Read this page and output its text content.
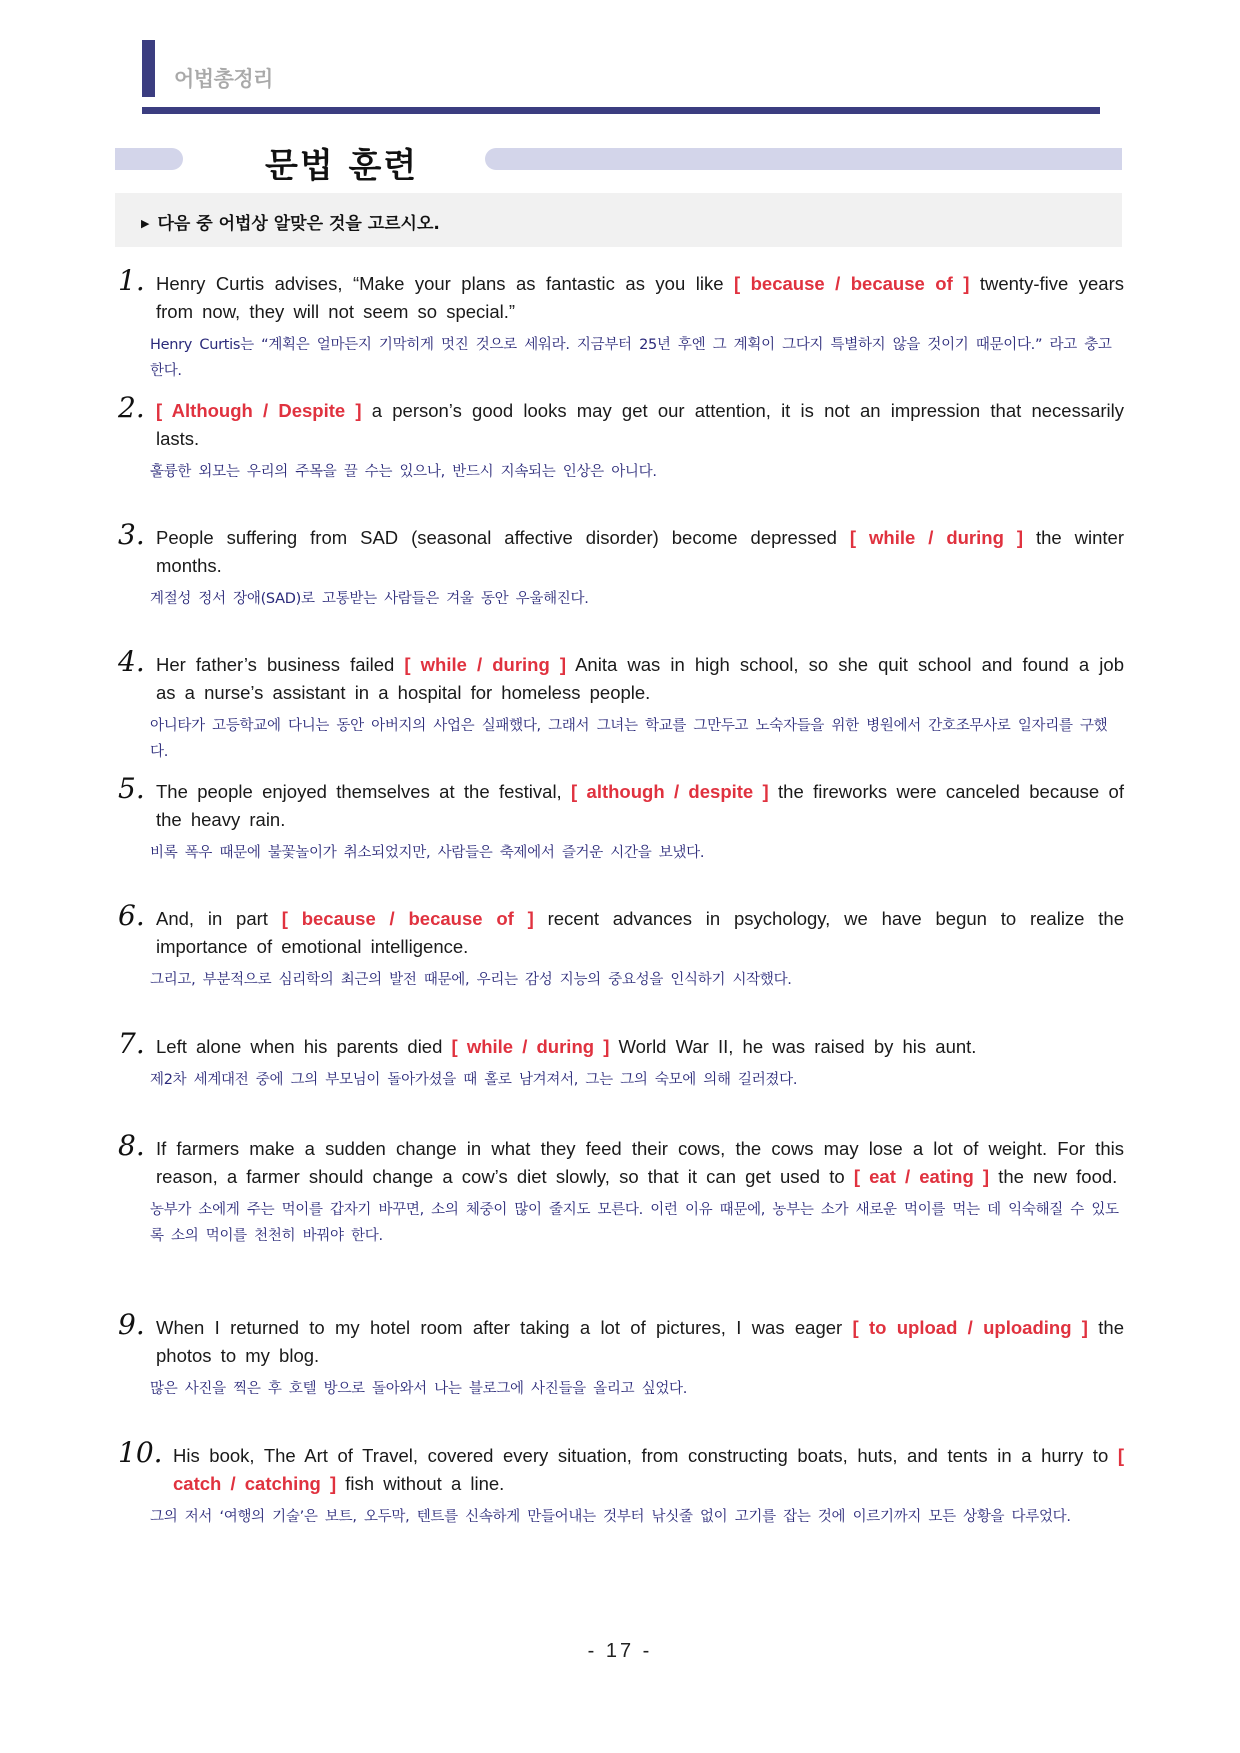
어법총정리
문법 훈련
▶ 다음 중 어법상 알맞은 것을 고르시오.
1. Henry Curtis advises, “Make your plans as fantastic as you like [ because / because of ] twenty-five years from now, they will not seem so special.”
Henry Curtis는 “계획은 얼마든지 기막히게 멋진 것으로 세워라. 지금부터 25년 후엔 그 계획이 그다지 특별하지 않을 것이기 때문이다.” 라고 충고한다.
2. [ Although / Despite ] a person’s good looks may get our attention, it is not an impression that necessarily lasts.
훌륭한 외모는 우리의 주목을 끌 수는 있으나, 반드시 지속되는 인상은 아니다.
3. People suffering from SAD (seasonal affective disorder) become depressed [ while / during ] the winter months.
계절성 정서 장애(SAD)로 고통받는 사람들은 겨울 동안 우울해진다.
4. Her father’s business failed [ while / during ] Anita was in high school, so she quit school and found a job as a nurse’s assistant in a hospital for homeless people.
아니타가 고등학교에 다니는 동안 아버지의 사업은 실패했다, 그래서 그녀는 학교를 그만두고 노숙자들을 위한 병원에서 간호조무사로 일자리를 구했다.
5. The people enjoyed themselves at the festival, [ although / despite ] the fireworks were canceled because of the heavy rain.
비록 폭우 때문에 불꽃놀이가 취소되었지만, 사람들은 축제에서 즐거운 시간을 보냈다.
6. And, in part [ because / because of ] recent advances in psychology, we have begun to realize the importance of emotional intelligence.
그리고, 부분적으로 심리학의 최근의 발전 때문에, 우리는 감성 지능의 중요성을 인식하기 시작했다.
7. Left alone when his parents died [ while / during ] World War II, he was raised by his aunt.
제2차 세계대전 중에 그의 부모님이 돌아가셨을 때 홀로 남겨져서, 그는 그의 숙모에 의해 길러졌다.
8. If farmers make a sudden change in what they feed their cows, the cows may lose a lot of weight. For this reason, a farmer should change a cow’s diet slowly, so that it can get used to [ eat / eating ] the new food.
농부가 소에게 주는 먹이를 갑자기 바꾸면, 소의 체중이 많이 줄지도 모른다. 이런 이유 때문에, 농부는 소가 새로운 먹이를 먹는 데 익숙해질 수 있도록 소의 먹이를 천천히 바꿔야 한다.
9. When I returned to my hotel room after taking a lot of pictures, I was eager [ to upload / uploading ] the photos to my blog.
많은 사진을 찍은 후 호텔 방으로 돌아와서 나는 블로그에 사진들을 올리고 싶었다.
10. His book, The Art of Travel, covered every situation, from constructing boats, huts, and tents in a hurry to [ catch / catching ] fish without a line.
그의 저서 ‘여행의 기술’은 보트, 오두막, 텐트를 신속하게 만들어내는 것부터 낚싯줄 없이 고기를 잡는 것에 이르기까지 모든 상황을 다루었다.
- 17 -
